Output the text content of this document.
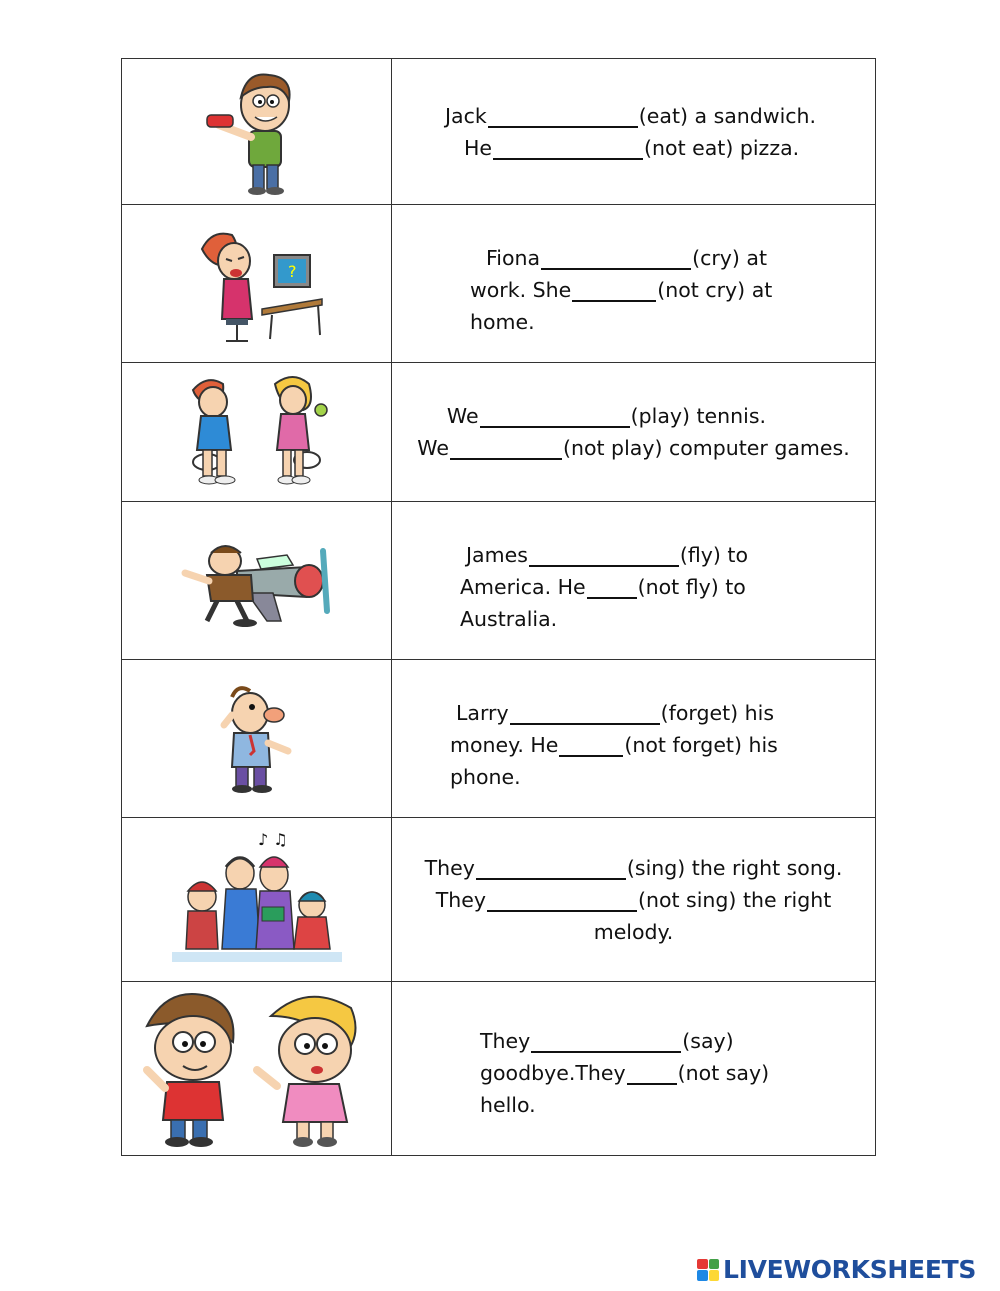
Jack	(eat) a sandwich.
He	(not eat) pizza.
?
Fiona	(cry) at
work. She	(not cry) at
home.
We	(play) tennis.
We	(not play) computer games.
James	(fly) to
America. He	(not fly) to
Australia.
Larry	(forget) his
money. He	(not forget) his
phone.
♪ ♫
They	(sing) the right song.
They	(not sing) the right
melody.
They	(say)
goodbye.They	(not say)
hello.
LIVEWORKSHEETS
